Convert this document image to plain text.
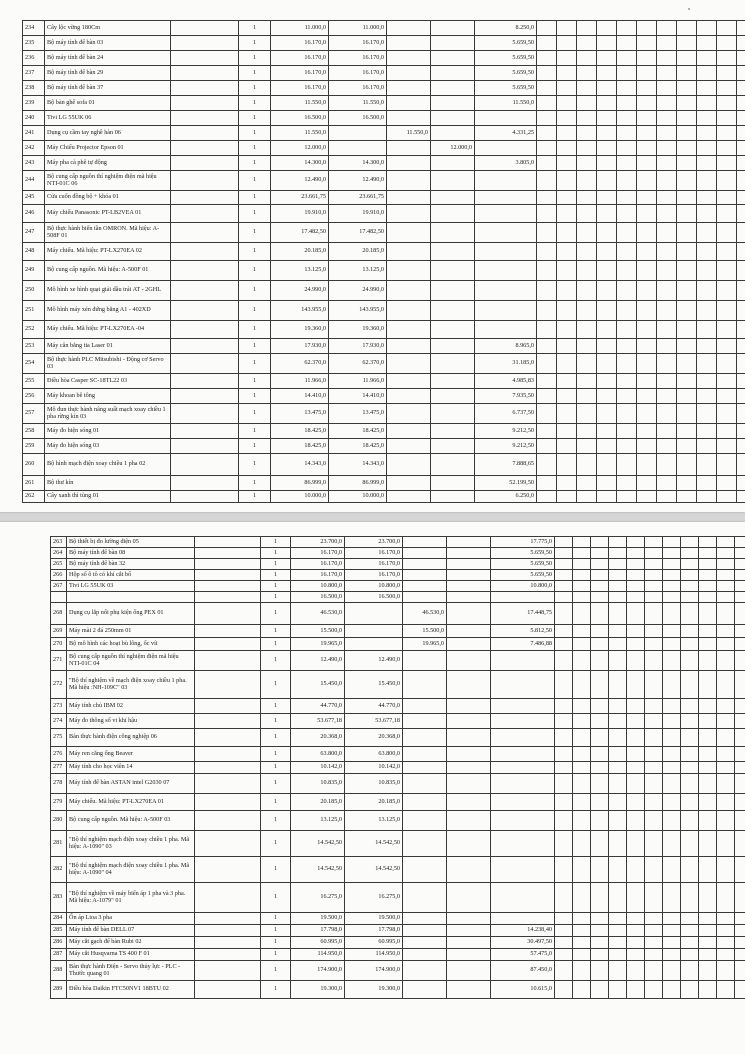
234	Cây lộc vừng 180Cm		1	11.000,0	11.000,0			8.250,0											
235	Bộ máy tính để bàn 03		1	16.170,0	16.170,0			5.659,50											
236	Bộ máy tính để bàn 24		1	16.170,0	16.170,0			5.659,50											
237	Bộ máy tính để bàn 29		1	16.170,0	16.170,0			5.659,50											
238	Bộ máy tính để bàn 37		1	16.170,0	16.170,0			5.659,50											
239	Bộ bàn ghế sofa 01		1	11.550,0	11.550,0			11.550,0											
240	Tivi LG 55UK 06		1	16.500,0	16.500,0														
241	Dụng cụ cầm tay nghề hàn 06		1	11.550,0		11.550,0		4.331,25											
242	Máy Chiếu Projector Epson 01		1	12.000,0			12.000,0												
243	Máy pha cà phê tự động		1	14.300,0	14.300,0			3.805,0											
244	Bộ cung cấp nguồn thí nghiệm điện mã hiệu NTI-01C 06		1	12.490,0	12.490,0														
245	Cửa cuốn đồng bộ + khóa 01		1	23.661,75	23.661,75														
246	Máy chiếu Panasonic PT-LB2VEA 01		1	19.910,0	19.910,0														
247	Bộ thực hành biến tần OMRON. Mã hiệu: A-508F 01		1	17.482,50	17.482,50														
248	Máy chiếu. Mã hiệu: PT-LX270EA 02		1	20.185,0	20.185,0														
249	Bộ cung cấp nguồn. Mã hiệu: A-500F 01		1	13.125,0	13.125,0														
250	Mô hình xe hình quạt giải dầu trái AT - 2GHL		1	24.990,0	24.990,0														
251	Mô hình máy xén đứng bằng A1 - 402XD		1	143.955,0	143.955,0														
252	Máy chiếu. Mã hiệu: PT-LX270EA -04		1	19.360,0	19.360,0														
253	Máy cân bằng tia Laser 01		1	17.930,0	17.930,0			8.965,0											
254	Bộ thực hành PLC Mitsubishi - Động cơ Servo 03		1	62.370,0	62.370,0			31.185,0											
255	Điều hòa Casper SC-18TL22 03		1	11.966,0	11.966,0			4.985,83											
256	Máy khoan bê tông		1	14.410,0	14.410,0			7.935,50											
257	Mô đun thực hành nâng suất mạch xoay chiều 1 pha rừng kín 03		1	13.475,0	13.475,0			6.737,50											
258	Máy đo hiện sóng 01		1	18.425,0	18.425,0			9.212,50											
259	Máy đo hiện sóng 03		1	18.425,0	18.425,0			9.212,50											
260	Bộ hình mạch điện xoay chiều 1 pha 02		1	14.343,0	14.343,0			7.888,65											
261	Bộ thư kín		1	86.999,0	86.999,0			52.199,50											
262	Cây xanh thì tùng 01		1	10.000,0	10.000,0			6.250,0											
263	Bộ thiết bị đo lường điện 05		1	23.700,0	23.700,0			17.775,0											
264	Bộ máy tính để bàn 08		1	16.170,0	16.170,0			5.659,50											
265	Bộ máy tính để bàn 32		1	16.170,0	16.170,0			5.659,50											
266	Hộp số ô tô có khí cắt bổ		1	16.170,0	16.170,0			5.659,50											
267	Tivi LG 55UK 03		1	10.800,0	10.800,0			10.800,0											
			1	16.500,0	16.500,0														
268	Dụng cụ lắp nối phụ kiện ống PEX 01		1	46.530,0		46.530,0		17.448,75											
269	Máy mài 2 đá 250mm 01		1	15.500,0		15.500,0		5.812,50											
270	Bộ mô hình các hoạt bù lông, ốc vít		1	19.965,0		19.965,0		7.486,88											
271	Bộ cung cấp nguồn thí nghiệm điện mã hiệu NTI-01C 04		1	12.490,0	12.490,0														
272	"Bộ thí nghiệm về mạch điện xoay chiều 1 pha. Mã hiệu :NH-109C" 03		1	15.450,0	15.450,0														
273	Máy tính chủ IBM 02		1	44.770,0	44.770,0														
274	Máy đo thông số vi khí hậu		1	53.677,18	53.677,18														
275	Bàn thực hành điện công nghiệp 06		1	20.368,0	20.368,0														
276	Máy ren căng ống Beaver		1	63.800,0	63.800,0														
277	Máy tính cho học viên 14		1	10.142,0	10.142,0														
278	Máy tính để bàn ASTAN intel G2030 07		1	10.835,0	10.835,0														
279	Máy chiếu. Mã hiệu: PT-LX270EA 01		1	20.185,0	20.185,0														
280	Bộ cung cấp nguồn. Mã hiệu: A-500F 03		1	13.125,0	13.125,0														
281	"Bộ thí nghiệm mạch điện xoay chiều 1 pha. Mã hiệu: A-1090" 03		1	14.542,50	14.542,50														
282	"Bộ thí nghiệm mạch điện xoay chiều 1 pha. Mã hiệu: A-1090" 04		1	14.542,50	14.542,50														
283	"Bộ thí nghiệm về máy biến áp 1 pha và 3 pha. Mã hiệu: A-1079" 01		1	16.275,0	16.275,0														
284	Ổn áp Lioa 3 pha		1	19.500,0	19.500,0														
285	Máy tính để bàn DELL 07		1	17.798,0	17.798,0			14.238,40											
286	Máy cắt gạch để bàn Rubi 02		1	60.995,0	60.995,0			30.497,50											
287	Máy cắt Husqvarna TS 400 F 01		1	114.950,0	114.950,0			57.475,0											
288	Bàn thực hành Điện - Servo thủy lực - PLC - Thước quang 01		1	174.900,0	174.900,0			87.450,0											
289	Điều hòa Daikin FTC50NV1 18BTU 02		1	19.300,0	19.300,0			10.615,0											
